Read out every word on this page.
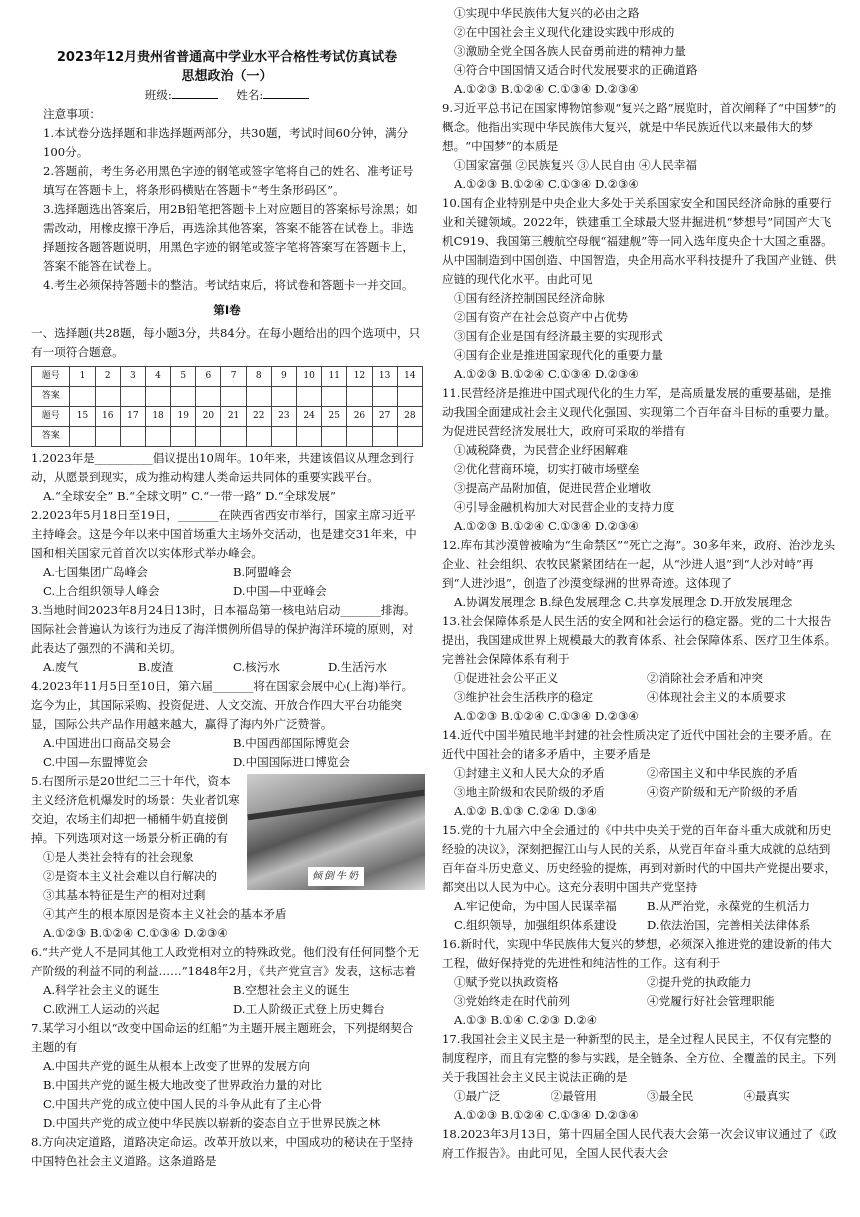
2023年12月贵州省普通高中学业水平合格性考试仿真试卷
思想政治（一）
班级:	姓名:
注意事项：
1.本试卷分选择题和非选择题两部分，共30题，考试时间60分钟，满分100分。
2.答题前，考生务必用黑色字迹的钢笔或签字笔将自己的姓名、准考证号填写在答题卡上，将条形码横贴在答题卡“考生条形码区”。
3.选择题选出答案后，用2B铅笔把答题卡上对应题目的答案标号涂黑；如需改动，用橡皮擦干净后，再选涂其他答案，答案不能答在试卷上。非选择题按各题答题说明，用黑色字迹的钢笔或签字笔将答案写在答题卡上，答案不能答在试卷上。
4.考生必须保持答题卡的整洁。考试结束后，将试卷和答题卡一并交回。
第Ⅰ卷
一、选择题(共28题，每小题3分，共84分。在每小题给出的四个选项中，只有一项符合题意。
题号	1	2	3	4	5	6	7	8	9	10	11	12	13	14
答案														
题号	15	16	17	18	19	20	21	22	23	24	25	26	27	28
答案														
1.2023年是__________倡议提出10周年。10年来，共建该倡议从理念到行动，从愿景到现实，成为推动构建人类命运共同体的重要实践平台。
A.“全球安全” B.“全球文明” C.“一带一路” D.“全球发展”
2.2023年5月18日至19日，_______在陕西省西安市举行，国家主席习近平主持峰会。这是今年以来中国首场重大主场外交活动，也是建交31年来，中国和相关国家元首首次以实体形式举办峰会。
A.七国集团广岛峰会	B.阿盟峰会
C.上合组织领导人峰会	D.中国—中亚峰会
3.当地时间2023年8月24日13时，日本福岛第一核电站启动_______排海。国际社会普遍认为该行为违反了海洋惯例所倡导的保护海洋环境的原则，对此表达了强烈的不满和关切。
A.废气	B.废渣	C.核污水	D.生活污水
4.2023年11月5日至10日，第六届_______将在国家会展中心(上海)举行。迄今为止，其国际采购、投资促进、人文交流、开放合作四大平台功能突显，国际公共产品作用越来越大，赢得了海内外广泛赞誉。
A.中国进出口商品交易会	B.中国西部国际博览会
C.中国—东盟博览会	D.中国国际进口博览会
倾倒牛奶
5.右图所示是20世纪二三十年代，资本主义经济危机爆发时的场景：失业者饥寒交迫，农场主们却把一桶桶牛奶直接倒掉。下列选项对这一场景分析正确的有
①是人类社会特有的社会现象
②是资本主义社会难以自行解决的
③其基本特征是生产的相对过剩
④其产生的根本原因是资本主义社会的基本矛盾
A.①②③ B.①②④ C.①③④ D.②③④
6.“共产党人不是同其他工人政党相对立的特殊政党。他们没有任何同整个无产阶级的利益不同的利益……”1848年2月，《共产党宣言》发表，这标志着
A.科学社会主义的诞生	B.空想社会主义的诞生
C.欧洲工人运动的兴起	D.工人阶级正式登上历史舞台
7.某学习小组以“改变中国命运的红船”为主题开展主题班会，下列提纲契合主题的有
A.中国共产党的诞生从根本上改变了世界的发展方向
B.中国共产党的诞生极大地改变了世界政治力量的对比
C.中国共产党的成立使中国人民的斗争从此有了主心骨
D.中国共产党的成立使中华民族以崭新的姿态自立于世界民族之林
8.方向决定道路，道路决定命运。改革开放以来，中国成功的秘诀在于坚持中国特色社会主义道路。这条道路是
①实现中华民族伟大复兴的必由之路
②在中国社会主义现代化建设实践中形成的
③激励全党全国各族人民奋勇前进的精神力量
④符合中国国情又适合时代发展要求的正确道路
A.①②③ B.①②④ C.①③④ D.②③④
9.习近平总书记在国家博物馆参观“复兴之路”展览时，首次阐释了“中国梦”的概念。他指出实现中华民族伟大复兴，就是中华民族近代以来最伟大的梦想。“中国梦”的本质是
①国家富强 ②民族复兴 ③人民自由 ④人民幸福
A.①②③ B.①②④ C.①③④ D.②③④
10.国有企业特别是中央企业大多处于关系国家安全和国民经济命脉的重要行业和关键领域。2022年，铁建重工全球最大竖井掘进机“梦想号”同国产大飞机C919、我国第三艘航空母舰“福建舰”等一同入选年度央企十大国之重器。从中国制造到中国创造、中国智造，央企用高水平科技提升了我国产业链、供应链的现代化水平。由此可见
①国有经济控制国民经济命脉
②国有资产在社会总资产中占优势
③国有企业是国有经济最主要的实现形式
④国有企业是推进国家现代化的重要力量
A.①②③ B.①②④ C.①③④ D.②③④
11.民营经济是推进中国式现代化的生力军，是高质量发展的重要基础，是推动我国全面建成社会主义现代化强国、实现第二个百年奋斗目标的重要力量。为促进民营经济发展壮大，政府可采取的举措有
①减税降费，为民营企业纾困解难
②优化营商环境，切实打破市场壁垒
③提高产品附加值，促进民营企业增收
④引导金融机构加大对民营企业的支持力度
A.①②③ B.①②④ C.①③④ D.②③④
12.库布其沙漠曾被喻为“生命禁区”“死亡之海”。30多年来，政府、治沙龙头企业、社会组织、农牧民紧紧团结在一起，从“沙进人退”到“人沙对峙”再到“人进沙退”，创造了沙漠变绿洲的世界奇迹。这体现了
A.协调发展理念 B.绿色发展理念 C.共享发展理念 D.开放发展理念
13.社会保障体系是人民生活的安全网和社会运行的稳定器。党的二十大报告提出，我国建成世界上规模最大的教育体系、社会保障体系、医疗卫生体系。完善社会保障体系有利于
①促进社会公平正义	②消除社会矛盾和冲突
③维护社会生活秩序的稳定	④体现社会主义的本质要求
A.①②③ B.①②④ C.①③④ D.②③④
14.近代中国半殖民地半封建的社会性质决定了近代中国社会的主要矛盾。在近代中国社会的诸多矛盾中，主要矛盾是
①封建主义和人民大众的矛盾	②帝国主义和中华民族的矛盾
③地主阶级和农民阶级的矛盾	④资产阶级和无产阶级的矛盾
A.①② B.①③ C.②④ D.③④
15.党的十九届六中全会通过的《中共中央关于党的百年奋斗重大成就和历史经验的决议》，深刻把握江山与人民的关系，从党百年奋斗重大成就的总结到百年奋斗历史意义、历史经验的提炼，再到对新时代的中国共产党提出要求，都突出以人民为中心。这充分表明中国共产党坚持
A.牢记使命，为中国人民谋幸福	B.从严治党，永葆党的生机活力
C.组织领导，加强组织体系建设	D.依法治国，完善相关法律体系
16.新时代，实现中华民族伟大复兴的梦想，必须深入推进党的建设新的伟大工程，做好保持党的先进性和纯洁性的工作。这有利于
①赋予党以执政资格	②提升党的执政能力
③党始终走在时代前列	④党履行好社会管理职能
A.①③ B.①④ C.②③ D.②④
17.我国社会主义民主是一种新型的民主，是全过程人民民主，不仅有完整的制度程序，而且有完整的参与实践，是全链条、全方位、全覆盖的民主。下列关于我国社会主义民主说法正确的是
①最广泛	②最管用	③最全民	④最真实
A.①②③ B.①②④ C.①③④ D.②③④
18.2023年3月13日，第十四届全国人民代表大会第一次会议审议通过了《政府工作报告》。由此可见，全国人民代表大会
